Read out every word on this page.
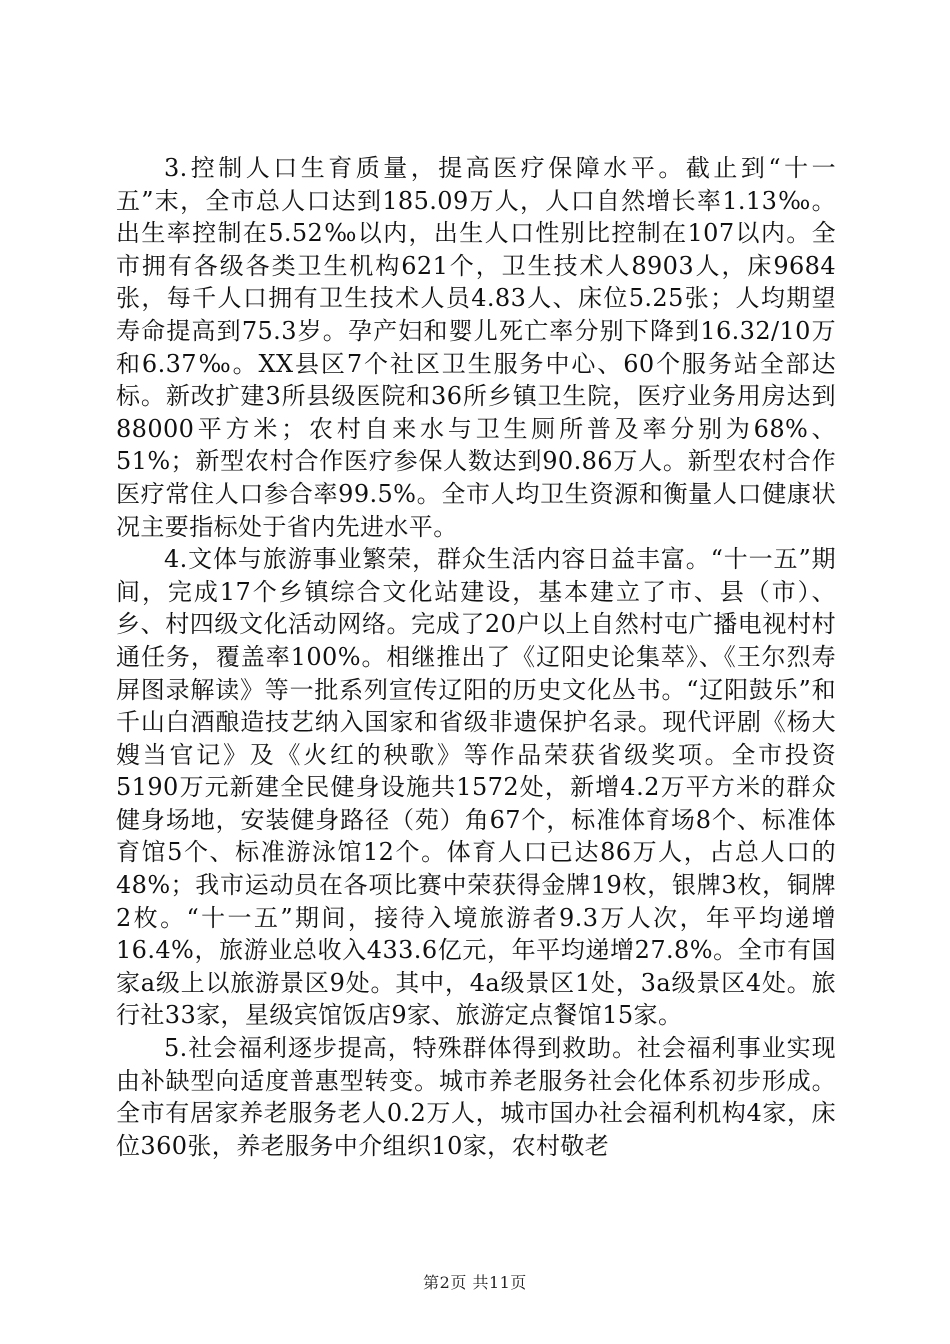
3.控制人口生育质量，提高医疗保障水平。截止到“十一五”末，全市总人口达到185.09万人，人口自然增长率1.13‰。出生率控制在5.52‰以内，出生人口性别比控制在107以内。全市拥有各级各类卫生机构621个，卫生技术人8903人，床9684张，每千人口拥有卫生技术人员4.83人、床位5.25张；人均期望寿命提高到75.3岁。孕产妇和婴儿死亡率分别下降到16.32/10万和6.37‰。XX县区7个社区卫生服务中心、60个服务站全部达标。新改扩建3所县级医院和36所乡镇卫生院，医疗业务用房达到88000平方米；农村自来水与卫生厕所普及率分别为68%、51%；新型农村合作医疗参保人数达到90.86万人。新型农村合作医疗常住人口参合率99.5%。全市人均卫生资源和衡量人口健康状况主要指标处于省内先进水平。

4.文体与旅游事业繁荣，群众生活内容日益丰富。“十一五”期间，完成17个乡镇综合文化站建设，基本建立了市、县（市）、乡、村四级文化活动网络。完成了20户以上自然村屯广播电视村村通任务，覆盖率100%。相继推出了《辽阳史论集萃》、《王尔烈寿屏图录解读》等一批系列宣传辽阳的历史文化丛书。“辽阳鼓乐”和千山白酒酿造技艺纳入国家和省级非遗保护名录。现代评剧《杨大嫂当官记》及《火红的秧歌》等作品荣获省级奖项。全市投资5190万元新建全民健身设施共1572处，新增4.2万平方米的群众健身场地，安装健身路径（苑）角67个，标准体育场8个、标准体育馆5个、标准游泳馆12个。体育人口已达86万人，占总人口的48%；我市运动员在各项比赛中荣获得金牌19枚，银牌3枚，铜牌2枚。“十一五”期间，接待入境旅游者9.3万人次，年平均递增16.4%，旅游业总收入433.6亿元，年平均递增27.8%。全市有国家a级上以旅游景区9处。其中，4a级景区1处，3a级景区4处。旅行社33家，星级宾馆饭店9家、旅游定点餐馆15家。

5.社会福利逐步提高，特殊群体得到救助。社会福利事业实现由补缺型向适度普惠型转变。城市养老服务社会化体系初步形成。全市有居家养老服务老人0.2万人，城市国办社会福利机构4家，床位360张，养老服务中介组织10家，农村敬老

第2页 共11页
